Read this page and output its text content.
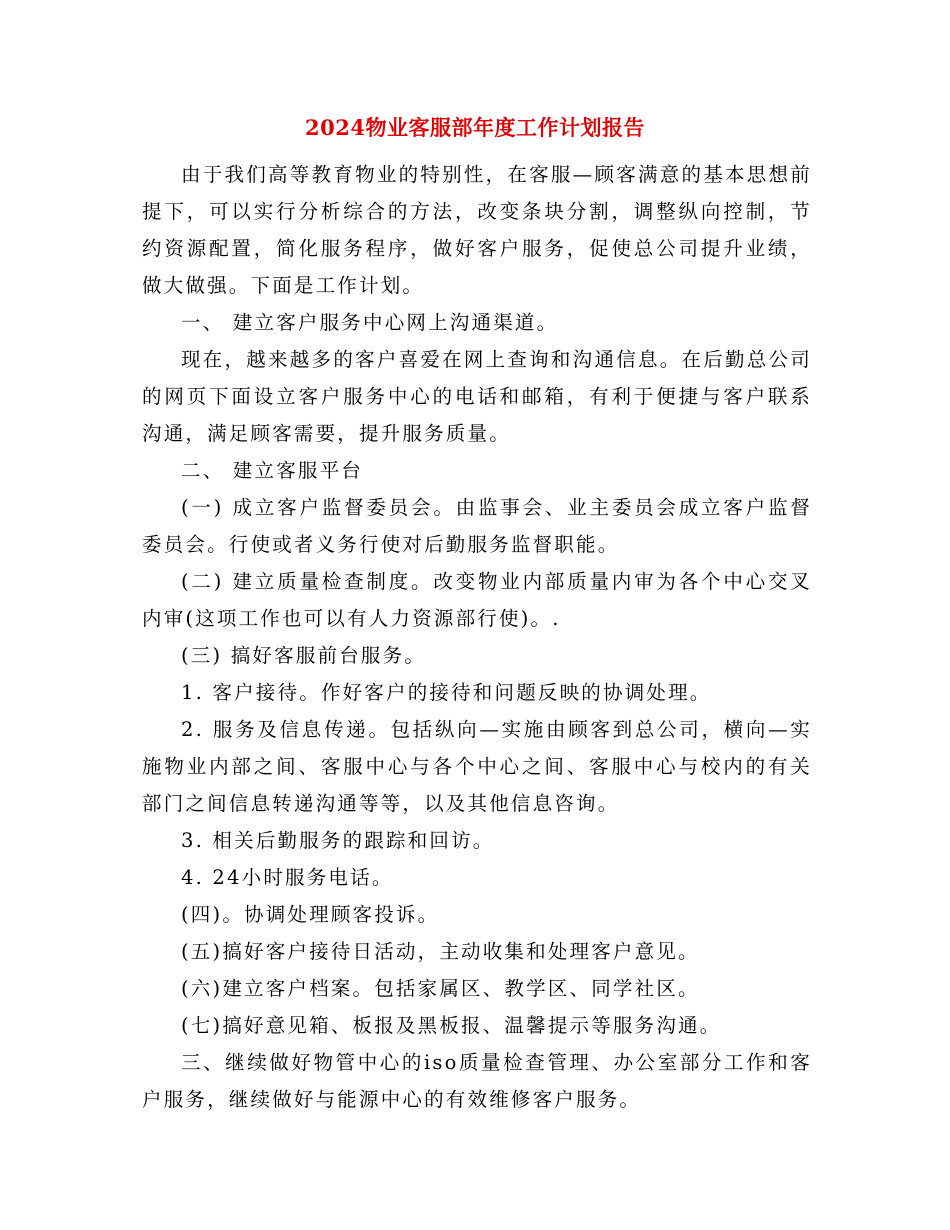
2024物业客服部年度工作计划报告

由于我们高等教育物业的特别性，在客服—顾客满意的基本思想前提下，可以实行分析综合的方法，改变条块分割，调整纵向控制，节约资源配置，简化服务程序，做好客户服务，促使总公司提升业绩，做大做强。下面是工作计划。

一、 建立客户服务中心网上沟通渠道。

现在，越来越多的客户喜爱在网上查询和沟通信息。在后勤总公司的网页下面设立客户服务中心的电话和邮箱，有利于便捷与客户联系沟通，满足顾客需要，提升服务质量。

二、 建立客服平台

(一) 成立客户监督委员会。由监事会、业主委员会成立客户监督委员会。行使或者义务行使对后勤服务监督职能。

(二) 建立质量检查制度。改变物业内部质量内审为各个中心交叉内审(这项工作也可以有人力资源部行使)。.

(三) 搞好客服前台服务。

1. 客户接待。作好客户的接待和问题反映的协调处理。

2. 服务及信息传递。包括纵向—实施由顾客到总公司，横向—实施物业内部之间、客服中心与各个中心之间、客服中心与校内的有关部门之间信息转递沟通等等，以及其他信息咨询。

3. 相关后勤服务的跟踪和回访。

4. 24小时服务电话。

(四)。协调处理顾客投诉。

(五)搞好客户接待日活动，主动收集和处理客户意见。

(六)建立客户档案。包括家属区、教学区、同学社区。

(七)搞好意见箱、板报及黑板报、温馨提示等服务沟通。

三、继续做好物管中心的iso质量检查管理、办公室部分工作和客户服务，继续做好与能源中心的有效维修客户服务。
